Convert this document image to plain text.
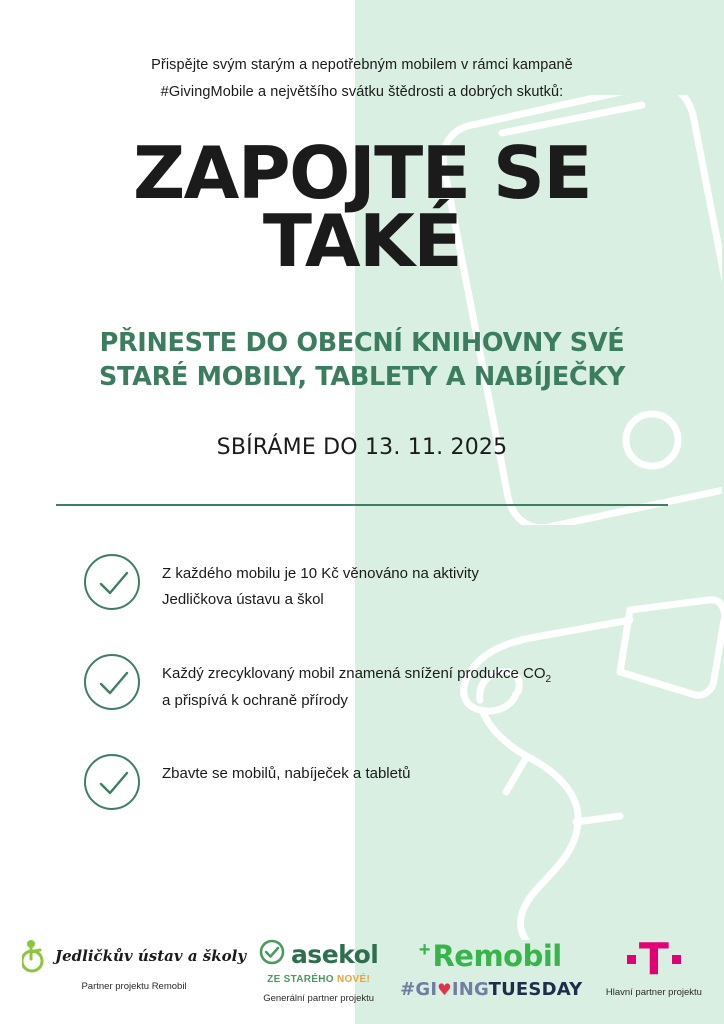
Přispějte svým starým a nepotřebným mobilem v rámci kampaně
#GivingMobile a největšího svátku štědrosti a dobrých skutků:
ZAPOJTE SE
TAKÉ
PŘINESTE DO OBECNÍ KNIHOVNY SVÉ
STARÉ MOBILY, TABLETY A NABÍJEČKY
SBÍRÁME DO 13. 11. 2025
Z každého mobilu je 10 Kč věnováno na aktivity
Jedličkova ústavu a škol
Každý zrecyklovaný mobil znamená snížení produkce $CO_2$
a přispívá k ochraně přírody
Zbavte se mobilů, nabíječek a tabletů
Jedličkův ústav a školy
Partner projektu Remobil
asekol
ZE STARÉHO NOVÉ!
Generální partner projektu
+Remobil
#GI♥INGTUESDAY
T
Hlavní partner projektu
